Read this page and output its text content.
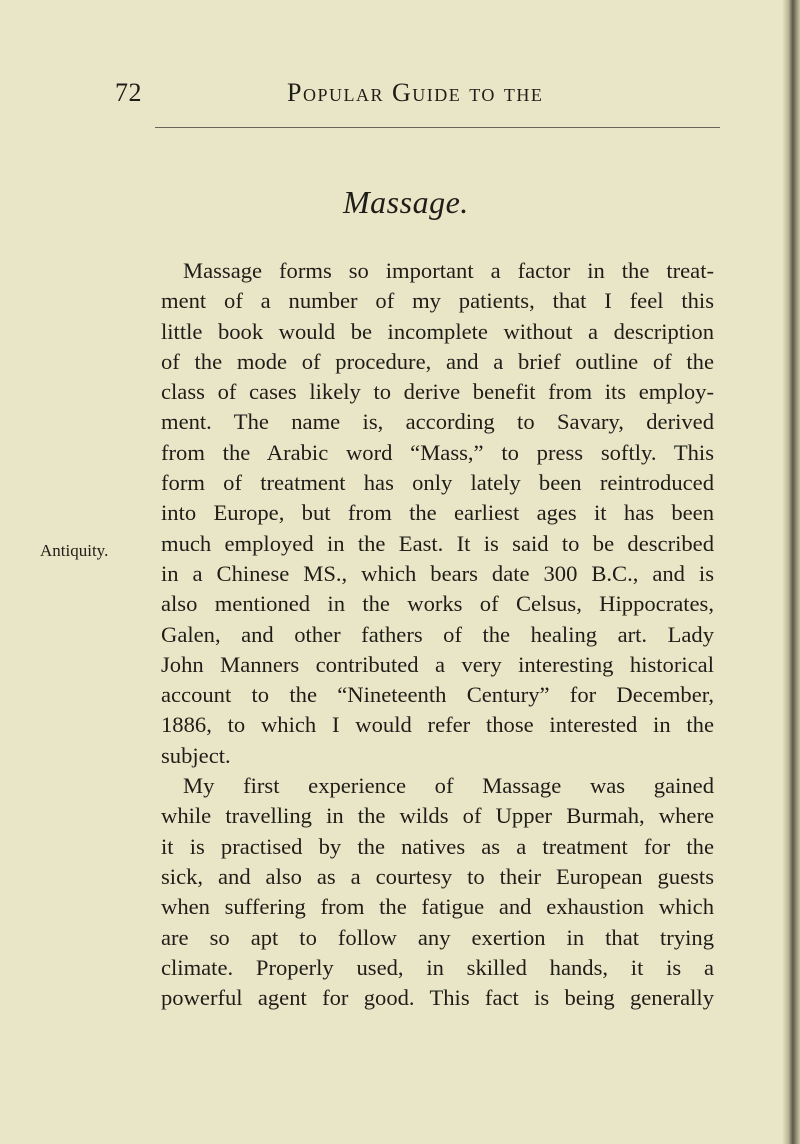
72	Popular Guide to the
Massage.
Antiquity.
Massage forms so important a factor in the treat-
ment of a number of my patients, that I feel this
little book would be incomplete without a description
of the mode of procedure, and a brief outline of the
class of cases likely to derive benefit from its employ-
ment. The name is, according to Savary, derived
from the Arabic word “Mass,” to press softly. This
form of treatment has only lately been reintroduced
into Europe, but from the earliest ages it has been
much employed in the East. It is said to be described
in a Chinese MS., which bears date 300 B.C., and is
also mentioned in the works of Celsus, Hippocrates,
Galen, and other fathers of the healing art. Lady
John Manners contributed a very interesting historical
account to the “Nineteenth Century” for December,
1886, to which I would refer those interested in the
subject.
My first experience of Massage was gained
while travelling in the wilds of Upper Burmah, where
it is practised by the natives as a treatment for the
sick, and also as a courtesy to their European guests
when suffering from the fatigue and exhaustion which
are so apt to follow any exertion in that trying
climate. Properly used, in skilled hands, it is a
powerful agent for good. This fact is being generally
